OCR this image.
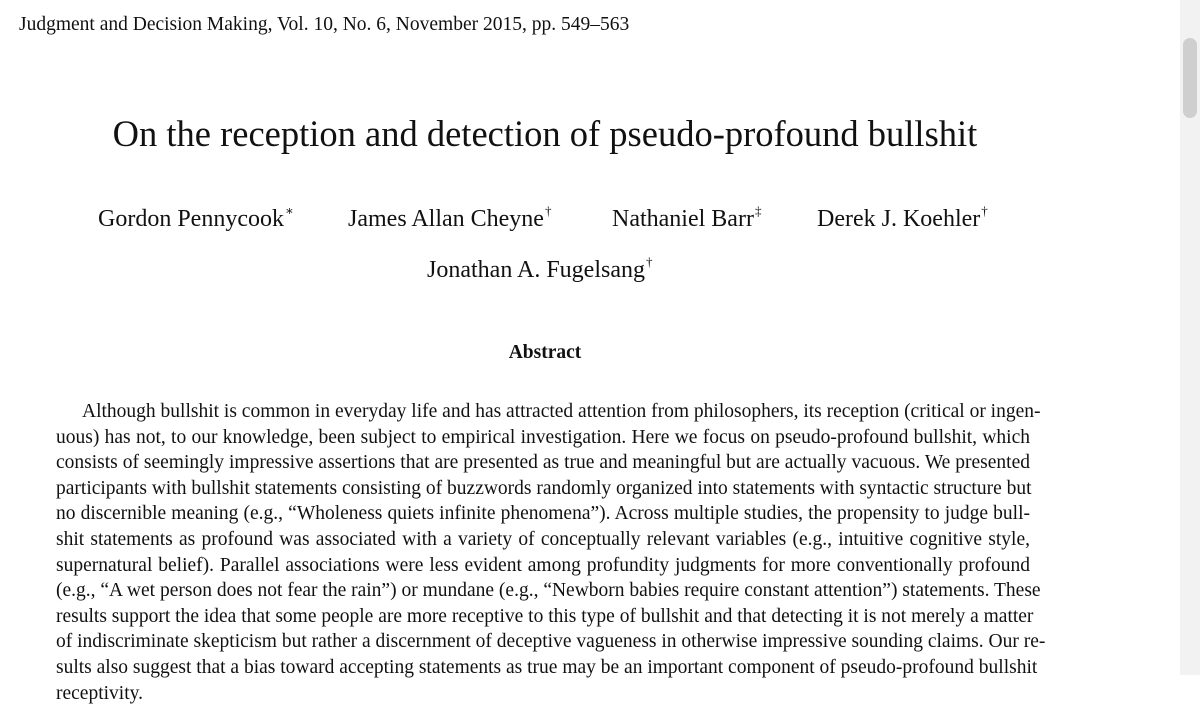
Judgment and Decision Making, Vol. 10, No. 6, November 2015, pp. 549–563
On the reception and detection of pseudo-profound bullshit
Gordon Pennycook∗ James Allan Cheyne†	Nathaniel Barr‡ Derek J. Koehler†
Jonathan A. Fugelsang†
Abstract
Although bullshit is common in everyday life and has attracted attention from philosophers, its reception (critical or ingen-
uous) has not, to our knowledge, been subject to empirical investigation. Here we focus on pseudo-profound bullshit, which
consists of seemingly impressive assertions that are presented as true and meaningful but are actually vacuous. We presented
participants with bullshit statements consisting of buzzwords randomly organized into statements with syntactic structure but
no discernible meaning (e.g., “Wholeness quiets infinite phenomena”). Across multiple studies, the propensity to judge bull-
shit statements as profound was associated with a variety of conceptually relevant variables (e.g., intuitive cognitive style,
supernatural belief). Parallel associations were less evident among profundity judgments for more conventionally profound
(e.g., “A wet person does not fear the rain”) or mundane (e.g., “Newborn babies require constant attention”) statements. These
results support the idea that some people are more receptive to this type of bullshit and that detecting it is not merely a matter
of indiscriminate skepticism but rather a discernment of deceptive vagueness in otherwise impressive sounding claims. Our re-
sults also suggest that a bias toward accepting statements as true may be an important component of pseudo-profound bullshit
receptivity.
